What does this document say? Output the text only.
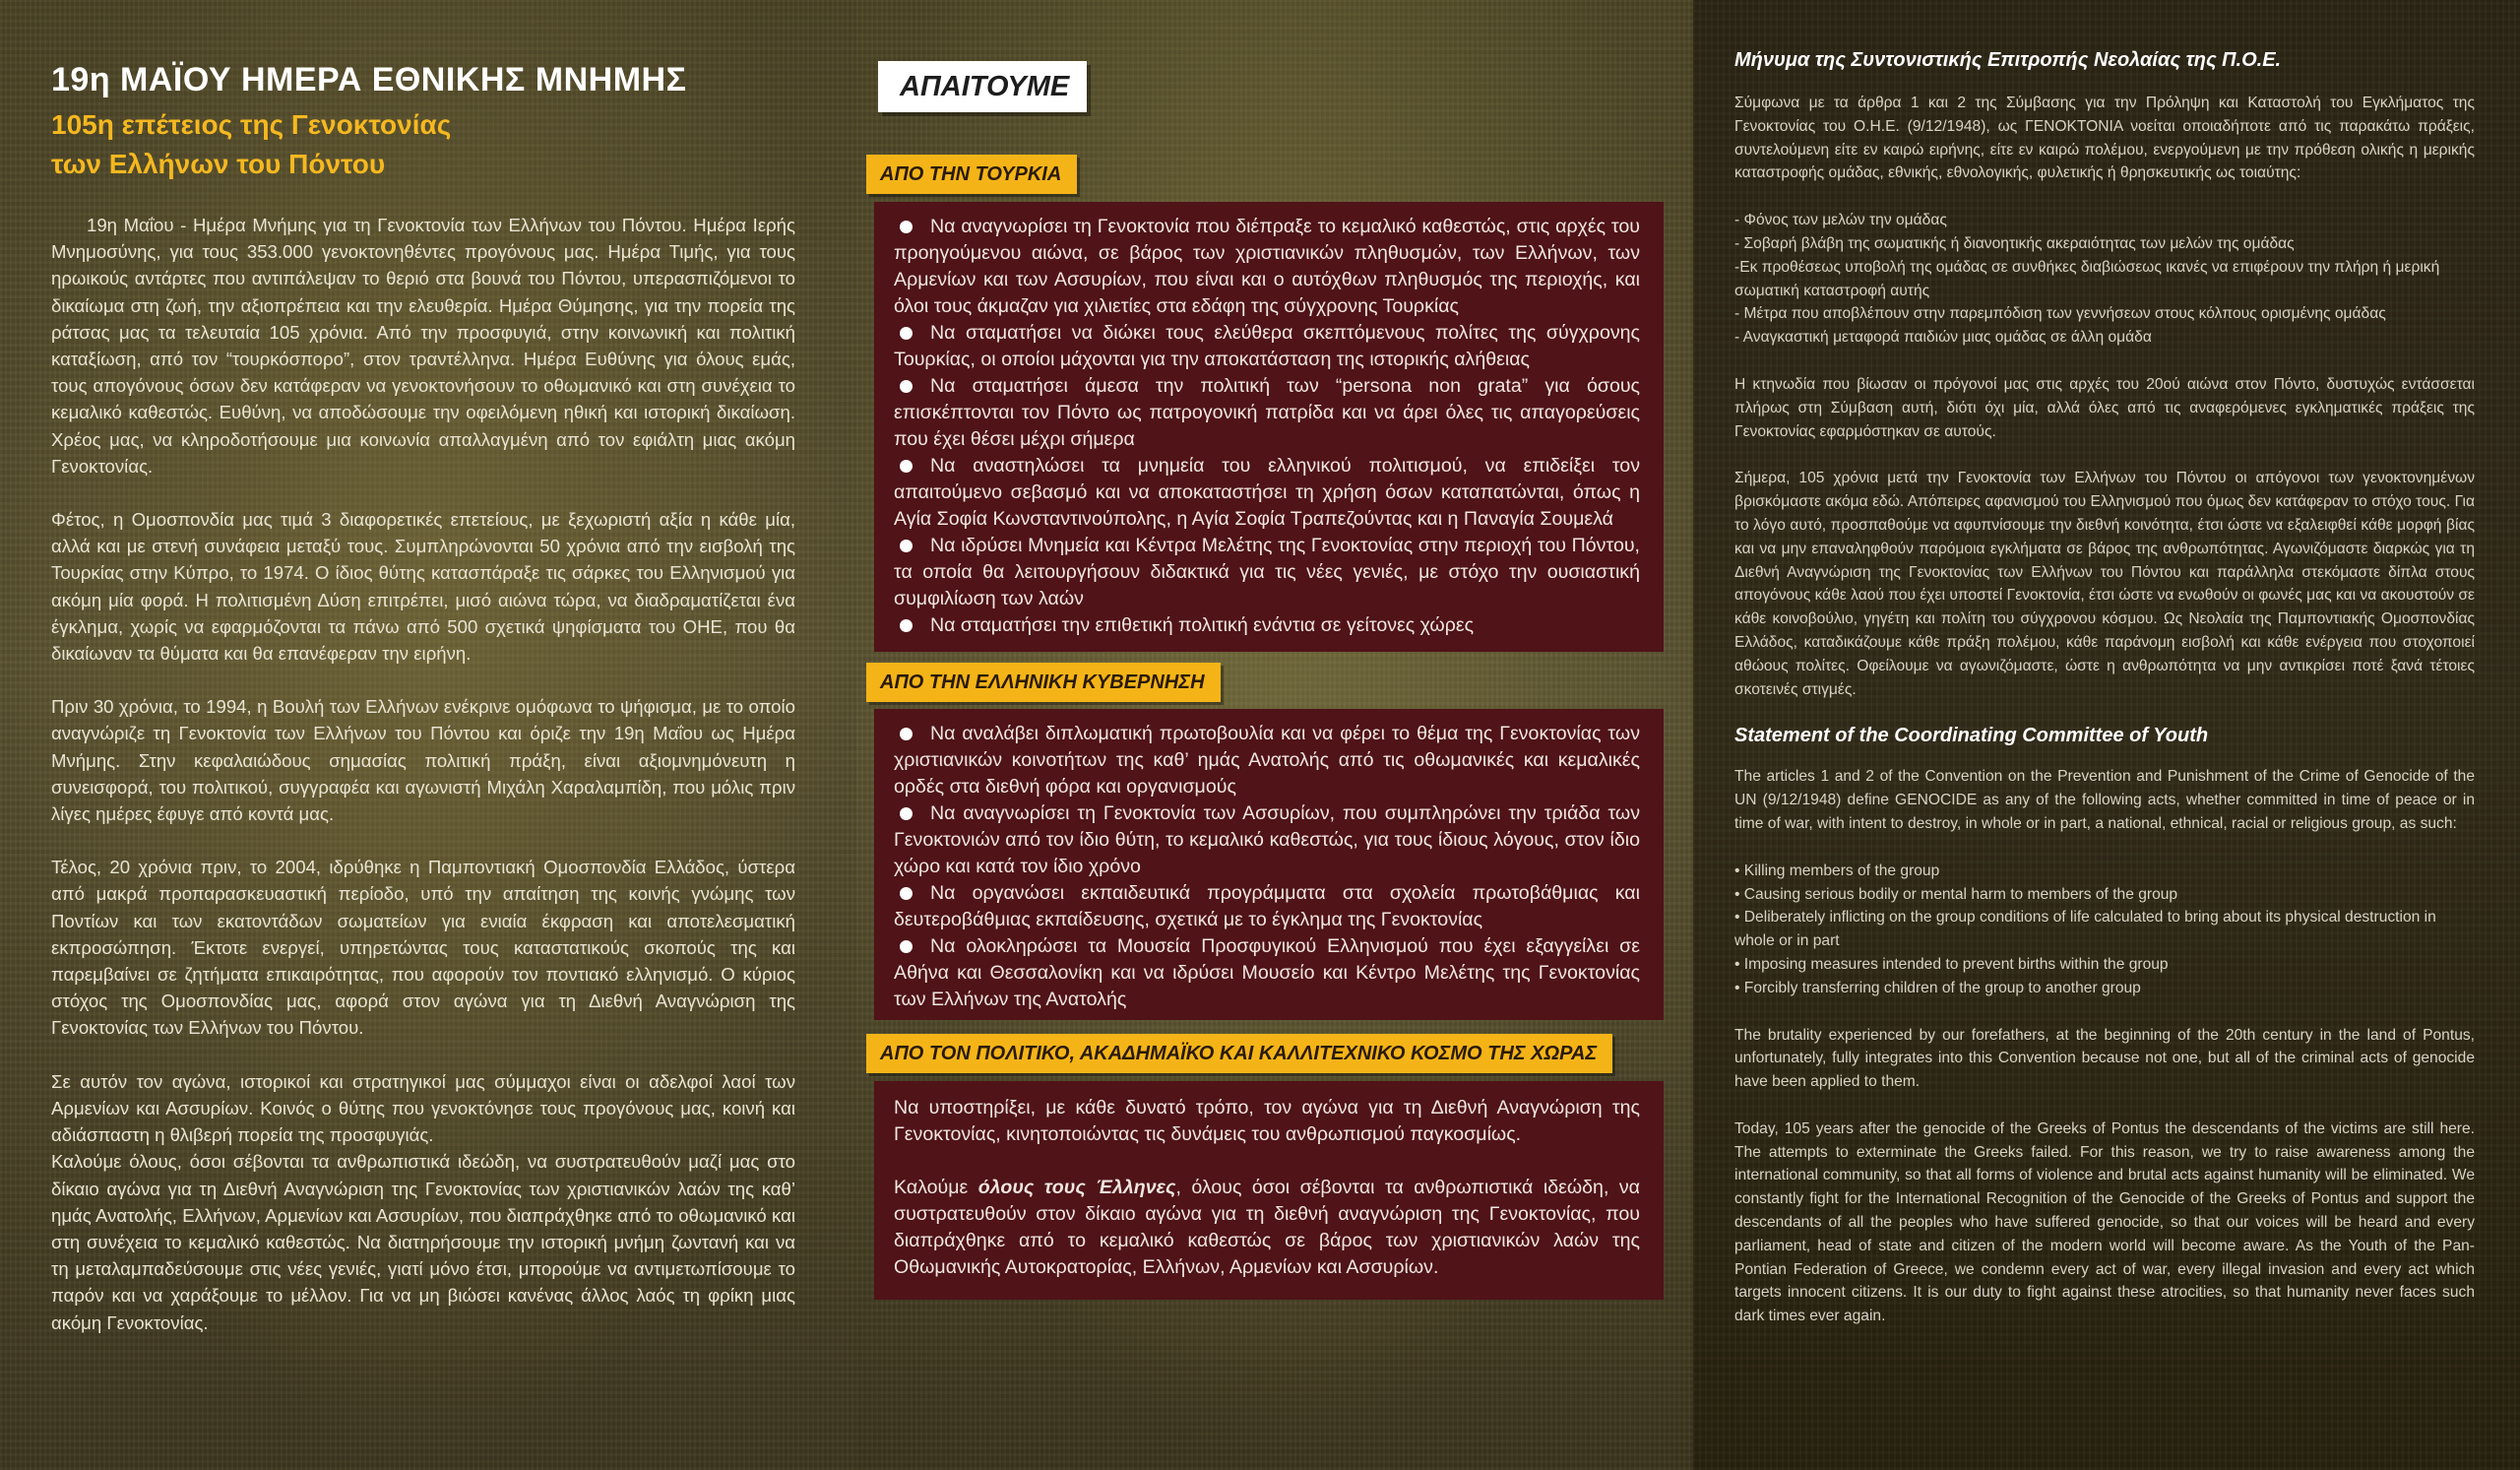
19η ΜΑΪΟΥ ΗΜΕΡΑ ΕΘΝΙΚΗΣ ΜΝΗΜΗΣ
105η επέτειος της Γενοκτονίας
των Ελλήνων του Πόντου

19η Μαΐου - Ημέρα Μνήμης για τη Γενοκτονία των Ελλήνων του Πόντου. Ημέρα Ιερής Μνημοσύνης, για τους 353.000 γενοκτονηθέντες προγόνους μας. Ημέρα Τιμής, για τους ηρωικούς αντάρτες που αντιπάλεψαν το θεριό στα βουνά του Πόντου, υπερασπιζόμενοι το δικαίωμα στη ζωή, την αξιοπρέπεια και την ελευθερία. Ημέρα Θύμησης, για την πορεία της ράτσας μας τα τελευταία 105 χρόνια. Από την προσφυγιά, στην κοινωνική και πολιτική καταξίωση, από τον “τουρκόσπορο”, στον τραντέλληνα. Ημέρα Ευθύνης για όλους εμάς, τους απογόνους όσων δεν κατάφεραν να γενοκτονήσουν το οθωμανικό και στη συνέχεια το κεμαλικό καθεστώς. Ευθύνη, να αποδώσουμε την οφειλόμενη ηθική και ιστορική δικαίωση. Χρέος μας, να κληροδοτήσουμε μια κοινωνία απαλλαγμένη από τον εφιάλτη μιας ακόμη Γενοκτονίας.

Φέτος, η Ομοσπονδία μας τιμά 3 διαφορετικές επετείους, με ξεχωριστή αξία η κάθε μία, αλλά και με στενή συνάφεια μεταξύ τους. Συμπληρώνονται 50 χρόνια από την εισβολή της Τουρκίας στην Κύπρο, το 1974. Ο ίδιος θύτης κατασπάραξε τις σάρκες του Ελληνισμού για ακόμη μία φορά. Η πολιτισμένη Δύση επιτρέπει, μισό αιώνα τώρα, να διαδραματίζεται ένα έγκλημα, χωρίς να εφαρμόζονται τα πάνω από 500 σχετικά ψηφίσματα του ΟΗΕ, που θα δικαίωναν τα θύματα και θα επανέφεραν την ειρήνη.

Πριν 30 χρόνια, το 1994, η Βουλή των Ελλήνων ενέκρινε ομόφωνα το ψήφισμα, με το οποίο αναγνώριζε τη Γενοκτονία των Ελλήνων του Πόντου και όριζε την 19η Μαΐου ως Ημέρα Μνήμης. Στην κεφαλαιώδους σημασίας πολιτική πράξη, είναι αξιομνημόνευτη η συνεισφορά, του πολιτικού, συγγραφέα και αγωνιστή Μιχάλη Χαραλαμπίδη, που μόλις πριν λίγες ημέρες έφυγε από κοντά μας.

Τέλος, 20 χρόνια πριν, το 2004, ιδρύθηκε η Παμποντιακή Ομοσπονδία Ελλάδος, ύστερα από μακρά προπαρασκευαστική περίοδο, υπό την απαίτηση της κοινής γνώμης των Ποντίων και των εκατοντάδων σωματείων για ενιαία έκφραση και αποτελεσματική εκπροσώπηση. Έκτοτε ενεργεί, υπηρετώντας τους καταστατικούς σκοπούς της και παρεμβαίνει σε ζητήματα επικαιρότητας, που αφορούν τον ποντιακό ελληνισμό. Ο κύριος στόχος της Ομοσπονδίας μας, αφορά στον αγώνα για τη Διεθνή Αναγνώριση της Γενοκτονίας των Ελλήνων του Πόντου.

Σε αυτόν τον αγώνα, ιστορικοί και στρατηγικοί μας σύμμαχοι είναι οι αδελφοί λαοί των Αρμενίων και Ασσυρίων. Κοινός ο θύτης που γενοκτόνησε τους προγόνους μας, κοινή και αδιάσπαστη η θλιβερή πορεία της προσφυγιάς.

Καλούμε όλους, όσοι σέβονται τα ανθρωπιστικά ιδεώδη, να συστρατευθούν μαζί μας στο δίκαιο αγώνα για τη Διεθνή Αναγνώριση της Γενοκτονίας των χριστιανικών λαών της καθ’ ημάς Ανατολής, Ελλήνων, Αρμενίων και Ασσυρίων, που διαπράχθηκε από το οθωμανικό και στη συνέχεια το κεμαλικό καθεστώς. Να διατηρήσουμε την ιστορική μνήμη ζωντανή και να τη μεταλαμπαδεύσουμε στις νέες γενιές, γιατί μόνο έτσι, μπορούμε να αντιμετωπίσουμε το παρόν και να χαράξουμε το μέλλον. Για να μη βιώσει κανένας άλλος λαός τη φρίκη μιας ακόμη Γενοκτονίας.

ΑΠΑΙΤΟΥΜΕ
ΑΠΟ ΤΗΝ ΤΟΥΡΚΙΑ
Να αναγνωρίσει τη Γενοκτονία που διέπραξε το κεμαλικό καθεστώς, στις αρχές του προηγούμενου αιώνα, σε βάρος των χριστιανικών πληθυσμών, των Ελλήνων, των Αρμενίων και των Ασσυρίων, που είναι και ο αυτόχθων πληθυσμός της περιοχής, και όλοι τους άκμαζαν για χιλιετίες στα εδάφη της σύγχρονης Τουρκίας
Να σταματήσει να διώκει τους ελεύθερα σκεπτόμενους πολίτες της σύγχρονης Τουρκίας, οι οποίοι μάχονται για την αποκατάσταση της ιστορικής αλήθειας
Να σταματήσει άμεσα την πολιτική των “persona non grata” για όσους επισκέπτονται τον Πόντο ως πατρογονική πατρίδα και να άρει όλες τις απαγορεύσεις που έχει θέσει μέχρι σήμερα
Να αναστηλώσει τα μνημεία του ελληνικού πολιτισμού, να επιδείξει τον απαιτούμενο σεβασμό και να αποκαταστήσει τη χρήση όσων καταπατώνται, όπως η Αγία Σοφία Κωνσταντινούπολης, η Αγία Σοφία Τραπεζούντας και η Παναγία Σουμελά
Να ιδρύσει Μνημεία και Κέντρα Μελέτης της Γενοκτονίας στην περιοχή του Πόντου, τα οποία θα λειτουργήσουν διδακτικά για τις νέες γενιές, με στόχο την ουσιαστική συμφιλίωση των λαών
Να σταματήσει την επιθετική πολιτική ενάντια σε γείτονες χώρες
ΑΠΟ ΤΗΝ ΕΛΛΗΝΙΚΗ ΚΥΒΕΡΝΗΣΗ
Να αναλάβει διπλωματική πρωτοβουλία και να φέρει το θέμα της Γενοκτονίας των χριστιανικών κοινοτήτων της καθ’ ημάς Ανατολής από τις οθωμανικές και κεμαλικές ορδές στα διεθνή φόρα και οργανισμούς
Να αναγνωρίσει τη Γενοκτονία των Ασσυρίων, που συμπληρώνει την τριάδα των Γενοκτονιών από τον ίδιο θύτη, το κεμαλικό καθεστώς, για τους ίδιους λόγους, στον ίδιο χώρο και κατά τον ίδιο χρόνο
Να οργανώσει εκπαιδευτικά προγράμματα στα σχολεία πρωτοβάθμιας και δευτεροβάθμιας εκπαίδευσης, σχετικά με το έγκλημα της Γενοκτονίας
Να ολοκληρώσει τα Μουσεία Προσφυγικού Ελληνισμού που έχει εξαγγείλει σε Αθήνα και Θεσσαλονίκη και να ιδρύσει Μουσείο και Κέντρο Μελέτης της Γενοκτονίας των Ελλήνων της Ανατολής
ΑΠΟ ΤΟΝ ΠΟΛΙΤΙΚΟ, ΑΚΑΔΗΜΑΪΚΟ ΚΑΙ ΚΑΛΛΙΤΕΧΝΙΚΟ ΚΟΣΜΟ ΤΗΣ ΧΩΡΑΣ

Να υποστηρίξει, με κάθε δυνατό τρόπο, τον αγώνα για τη Διεθνή Αναγνώριση της Γενοκτονίας, κινητοποιώντας τις δυνάμεις του ανθρωπισμού παγκοσμίως.

Καλούμε όλους τους Έλληνες, όλους όσοι σέβονται τα ανθρωπιστικά ιδεώδη, να συστρατευθούν στον δίκαιο αγώνα για τη διεθνή αναγνώριση της Γενοκτονίας, που διαπράχθηκε από το κεμαλικό καθεστώς σε βάρος των χριστιανικών λαών της Οθωμανικής Αυτοκρατορίας, Ελλήνων, Αρμενίων και Ασσυρίων.

Μήνυμα της Συντονιστικής Επιτροπής Νεολαίας της Π.Ο.Ε.

Σύμφωνα με τα άρθρα 1 και 2 της Σύμβασης για την Πρόληψη και Καταστολή του Εγκλήματος της Γενοκτονίας του Ο.Η.Ε. (9/12/1948), ως ΓΕΝΟΚΤΟΝΙΑ νοείται οποιαδήποτε από τις παρακάτω πράξεις, συντελούμενη είτε εν καιρώ ειρήνης, είτε εν καιρώ πολέμου, ενεργούμενη με την πρόθεση ολικής η μερικής καταστροφής ομάδας, εθνικής, εθνολογικής, φυλετικής ή θρησκευτικής ως τοιαύτης:

- Φόνος των μελών την ομάδας
- Σοβαρή βλάβη της σωματικής ή διανοητικής ακεραιότητας των μελών της ομάδας
-Εκ προθέσεως υποβολή της ομάδας σε συνθήκες διαβιώσεως ικανές να επιφέρουν την πλήρη ή μερική σωματική καταστροφή αυτής
- Μέτρα που αποβλέπουν στην παρεμπόδιση των γεννήσεων στους κόλπους ορισμένης ομάδας
- Αναγκαστική μεταφορά παιδιών μιας ομάδας σε άλλη ομάδα

Η κτηνωδία που βίωσαν οι πρόγονοί μας στις αρχές του 20ού αιώνα στον Πόντο, δυστυχώς εντάσσεται πλήρως στη Σύμβαση αυτή, διότι όχι μία, αλλά όλες από τις αναφερόμενες εγκληματικές πράξεις της Γενοκτονίας εφαρμόστηκαν σε αυτούς.

Σήμερα, 105 χρόνια μετά την Γενοκτονία των Ελλήνων του Πόντου οι απόγονοι των γενοκτονημένων βρισκόμαστε ακόμα εδώ. Απόπειρες αφανισμού του Ελληνισμού που όμως δεν κατάφεραν το στόχο τους. Για το λόγο αυτό, προσπαθούμε να αφυπνίσουμε την διεθνή κοινότητα, έτσι ώστε να εξαλειφθεί κάθε μορφή βίας και να μην επαναληφθούν παρόμοια εγκλήματα σε βάρος της ανθρωπότητας. Αγωνιζόμαστε διαρκώς για τη Διεθνή Αναγνώριση της Γενοκτονίας των Ελλήνων του Πόντου και παράλληλα στεκόμαστε δίπλα στους απογόνους κάθε λαού που έχει υποστεί Γενοκτονία, έτσι ώστε να ενωθούν οι φωνές μας και να ακουστούν σε κάθε κοινοβούλιο, γηγέτη και πολίτη του σύγχρονου κόσμου. Ως Νεολαία της Παμποντιακής Ομοσπονδίας Ελλάδος, καταδικάζουμε κάθε πράξη πολέμου, κάθε παράνομη εισβολή και κάθε ενέργεια που στοχοποιεί αθώους πολίτες. Οφείλουμε να αγωνιζόμαστε, ώστε η ανθρωπότητα να μην αντικρίσει ποτέ ξανά τέτοιες σκοτεινές στιγμές.

Statement of the Coordinating Committee of Youth

The articles 1 and 2 of the Convention on the Prevention and Punishment of the Crime of Genocide of the UN (9/12/1948) define GENOCIDE as any of the following acts, whether committed in time of peace or in time of war, with intent to destroy, in whole or in part, a national, ethnical, racial or religious group, as such:

• Killing members of the group
• Causing serious bodily or mental harm to members of the group
• Deliberately inflicting on the group conditions of life calculated to bring about its physical destruction in whole or in part
• Imposing measures intended to prevent births within the group
• Forcibly transferring children of the group to another group

The brutality experienced by our forefathers, at the beginning of the 20th century in the land of Pontus, unfortunately, fully integrates into this Convention because not one, but all of the criminal acts of genocide have been applied to them.

Today, 105 years after the genocide of the Greeks of Pontus the descendants of the victims are still here. The attempts to exterminate the Greeks failed. For this reason, we try to raise awareness among the international community, so that all forms of violence and brutal acts against humanity will be eliminated. We constantly fight for the International Recognition of the Genocide of the Greeks of Pontus and support the descendants of all the peoples who have suffered genocide, so that our voices will be heard and every parliament, head of state and citizen of the modern world will become aware. As the Youth of the Pan-Pontian Federation of Greece, we condemn every act of war, every illegal invasion and every act which targets innocent citizens. It is our duty to fight against these atrocities, so that humanity never faces such dark times ever again.
